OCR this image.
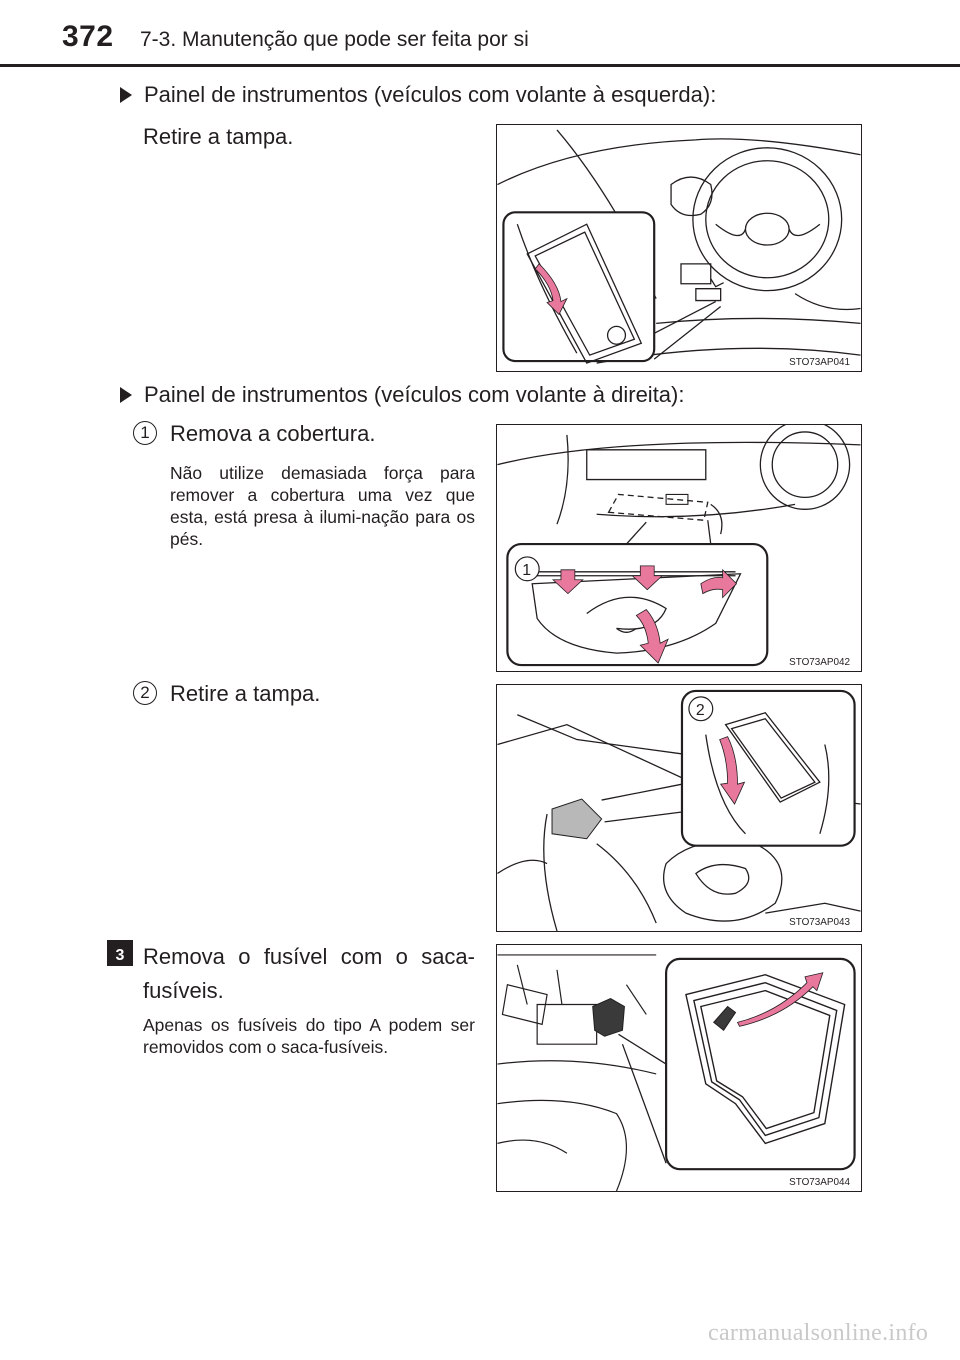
372 7-3. Manutenção que pode ser feita por si
Painel de instrumentos (veículos com volante à esquerda):
Retire a tampa.
STO73AP041
Painel de instrumentos (veículos com volante à direita):
1 Remova a cobertura.
Não utilize demasiada força para remover a cobertura uma vez que esta, está presa à ilumi-nação para os pés.
1
STO73AP042
2 Retire a tampa.
2
STO73AP043
3 Remova o fusível com o saca-fusíveis.
Apenas os fusíveis do tipo A podem ser removidos com o saca-fusíveis.
STO73AP044
carmanualsonline.info
